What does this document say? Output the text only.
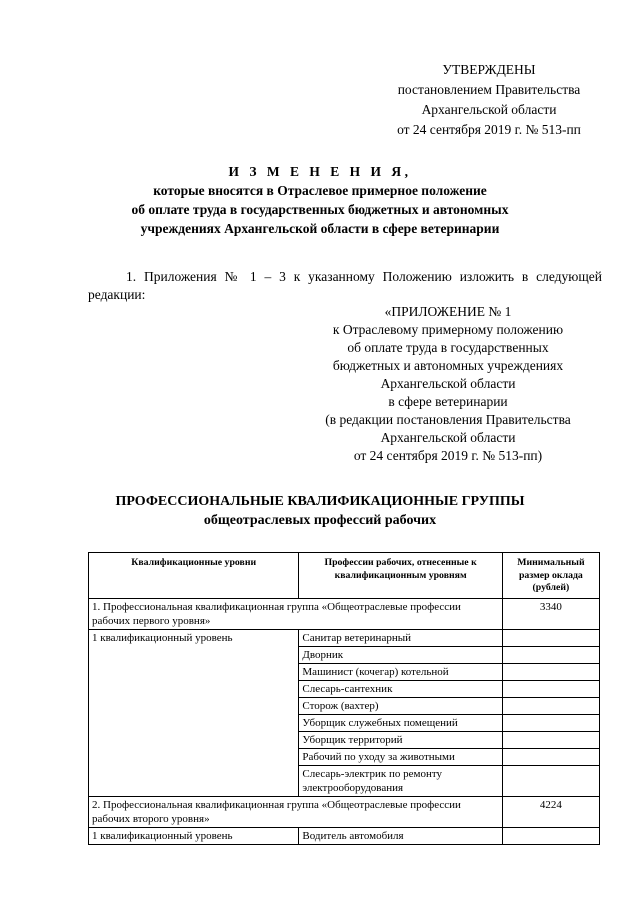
УТВЕРЖДЕНЫ
постановлением Правительства
Архангельской области
от 24 сентября 2019 г. № 513-пп
И З М Е Н Е Н И Я,
которые вносятся в Отраслевое примерное положение
об оплате труда в государственных бюджетных и автономных
учреждениях Архангельской области в сфере ветеринарии
1. Приложения № 1 – 3 к указанному Положению изложить в следующей редакции:
«ПРИЛОЖЕНИЕ № 1
к Отраслевому примерному положению
об оплате труда в государственных
бюджетных и автономных учреждениях
Архангельской области
в сфере ветеринарии
(в редакции постановления Правительства
Архангельской области
от 24 сентября 2019 г. № 513-пп)
ПРОФЕССИОНАЛЬНЫЕ КВАЛИФИКАЦИОННЫЕ ГРУППЫ
общеотраслевых профессий рабочих
Квалификационные уровни	Профессии рабочих, отнесенные к квалификационным уровням	Минимальный размер оклада (рублей)
1. Профессиональная квалификационная группа «Общеотраслевые профессии рабочих первого уровня»		3340
1 квалификационный уровень	Санитар ветеринарный	
	Дворник	
	Машинист (кочегар) котельной	
	Слесарь-сантехник	
	Сторож (вахтер)	
	Уборщик служебных помещений	
	Уборщик территорий	
	Рабочий по уходу за животными	
	Слесарь-электрик по ремонту электрооборудования	
2. Профессиональная квалификационная группа «Общеотраслевые профессии рабочих второго уровня»		4224
1 квалификационный уровень	Водитель автомобиля	
